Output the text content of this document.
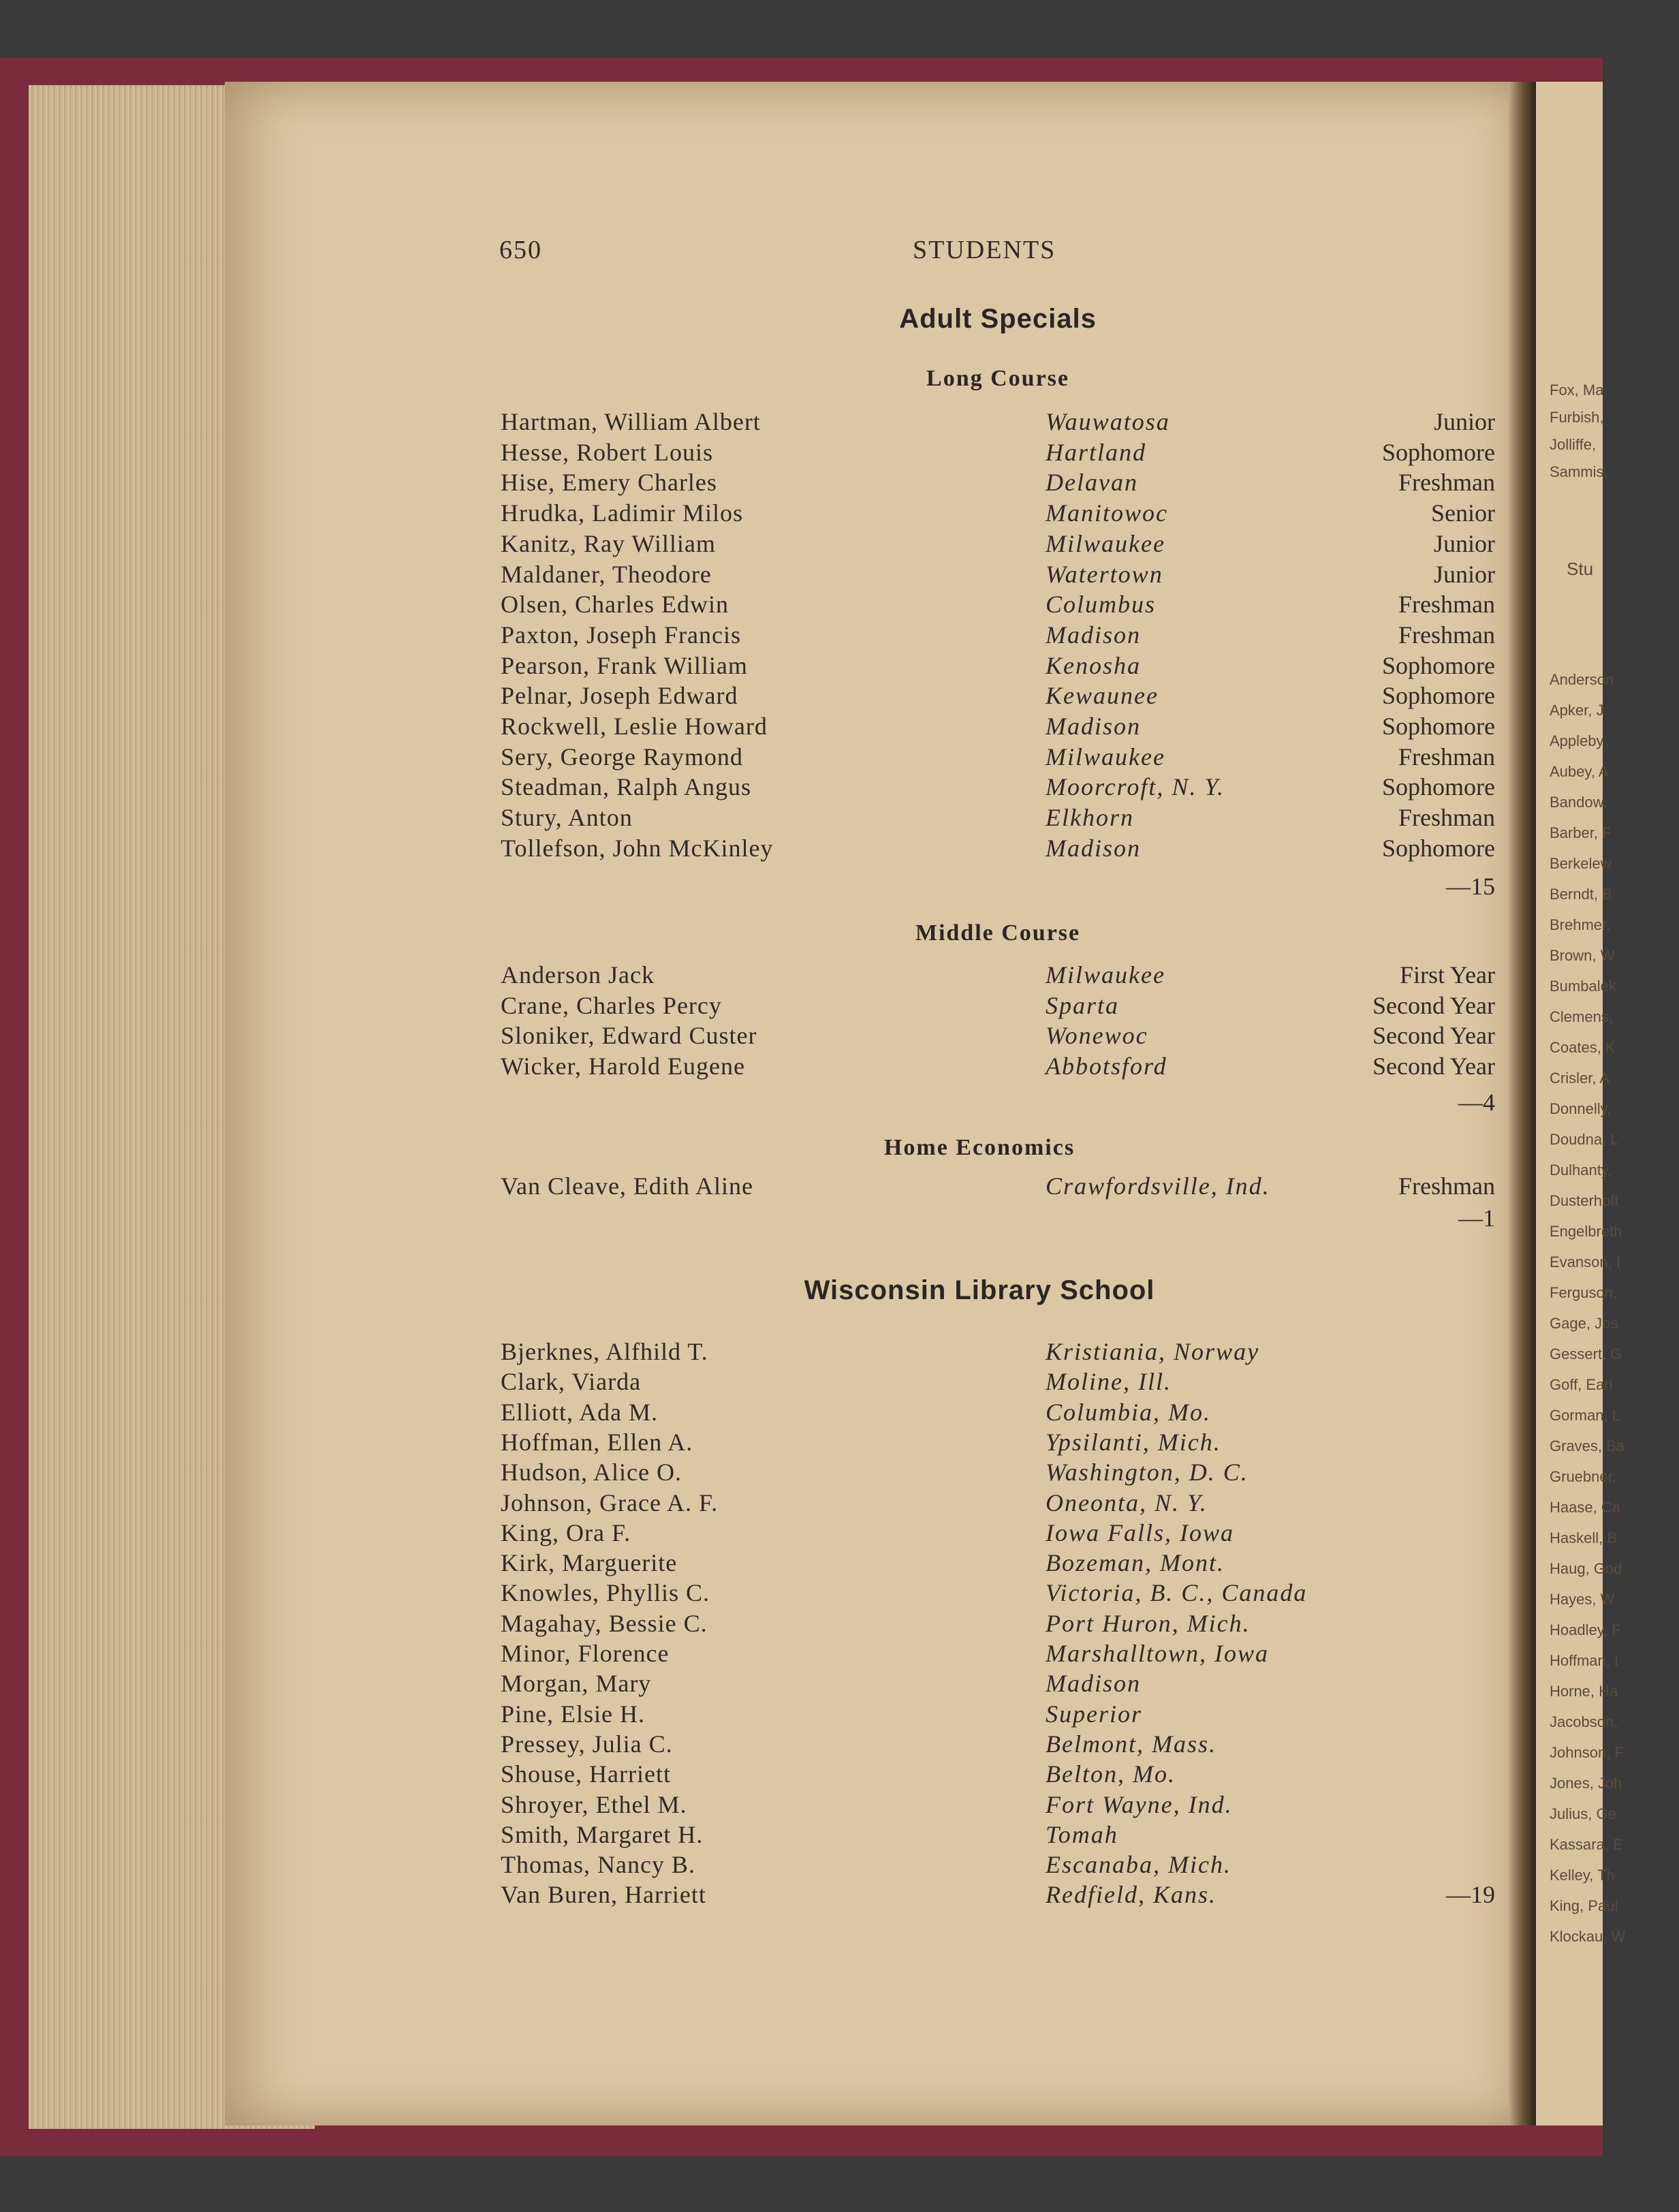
Fox, Ma
Furbish,
Jolliffe,
Sammis,
Stu
Anderson
Apker, J
Appleby
Aubey, A
Bandow,
Barber, F
Berkelew
Berndt, B
Brehmer,
Brown, W
Bumbalek
Clemens,
Coates, K
Crisler, A
Donnelly,
Doudna, L
Dulhanty,
Dusterhoft
Engelbreth
Evanson, I
Ferguson,
Gage, Jos
Gessert, G
Goff, Earl
Gorman, L
Graves, Ba
Gruebner,
Haase, Ca
Haskell, B
Haug, God
Hayes, W
Hoadley, F
Hoffman, I
Horne, Ha
Jacobson,
Johnson, F
Jones, Joh
Julius, Ge
Kassara, E
Kelley, Th
King, Paul
Klockau, W
650	STUDENTS
Adult Specials
Long Course
Hartman, William Albert	Wauwatosa	Junior
Hesse, Robert Louis	Hartland	Sophomore
Hise, Emery Charles	Delavan	Freshman
Hrudka, Ladimir Milos	Manitowoc	Senior
Kanitz, Ray William	Milwaukee	Junior
Maldaner, Theodore	Watertown	Junior
Olsen, Charles Edwin	Columbus	Freshman
Paxton, Joseph Francis	Madison	Freshman
Pearson, Frank William	Kenosha	Sophomore
Pelnar, Joseph Edward	Kewaunee	Sophomore
Rockwell, Leslie Howard	Madison	Sophomore
Sery, George Raymond	Milwaukee	Freshman
Steadman, Ralph Angus	Moorcroft, N. Y.	Sophomore
Stury, Anton	Elkhorn	Freshman
Tollefson, John McKinley	Madison	Sophomore
—15
Middle Course
Anderson Jack	Milwaukee	First Year
Crane, Charles Percy	Sparta	Second Year
Sloniker, Edward Custer	Wonewoc	Second Year
Wicker, Harold Eugene	Abbotsford	Second Year
—4
Home Economics
Van Cleave, Edith Aline	Crawfordsville, Ind.	Freshman
—1
Wisconsin Library School
Bjerknes, Alfhild T.	Kristiania, Norway
Clark, Viarda	Moline, Ill.
Elliott, Ada M.	Columbia, Mo.
Hoffman, Ellen A.	Ypsilanti, Mich.
Hudson, Alice O.	Washington, D. C.
Johnson, Grace A. F.	Oneonta, N. Y.
King, Ora F.	Iowa Falls, Iowa
Kirk, Marguerite	Bozeman, Mont.
Knowles, Phyllis C.	Victoria, B. C., Canada
Magahay, Bessie C.	Port Huron, Mich.
Minor, Florence	Marshalltown, Iowa
Morgan, Mary	Madison
Pine, Elsie H.	Superior
Pressey, Julia C.	Belmont, Mass.
Shouse, Harriett	Belton, Mo.
Shroyer, Ethel M.	Fort Wayne, Ind.
Smith, Margaret H.	Tomah
Thomas, Nancy B.	Escanaba, Mich.
Van Buren, Harriett	Redfield, Kans.	—19
